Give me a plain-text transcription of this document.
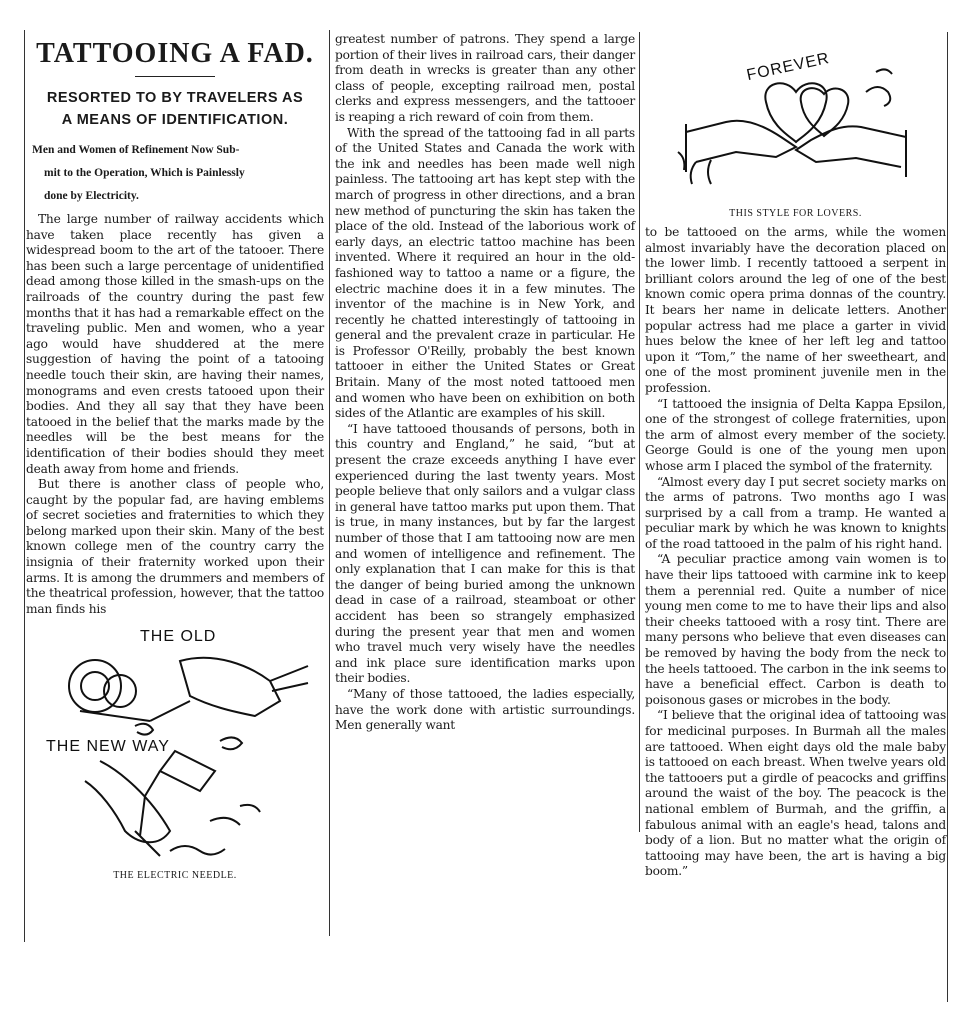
TATTOOING A FAD.
RESORTED TO BY TRAVELERS AS
A MEANS OF IDENTIFICATION.
Men and Women of Refinement Now Sub-
mit to the Operation, Which is Painlessly
done by Electricity.

The large number of railway accidents which have taken place recently has given a widespread boom to the art of the tatooer. There has been such a large percentage of unidentified dead among those killed in the smash-ups on the railroads of the country during the past few months that it has had a remarkable effect on the traveling public. Men and women, who a year ago would have shuddered at the mere suggestion of having the point of a tatooing needle touch their skin, are having their names, monograms and even crests tatooed upon their bodies. And they all say that they have been tatooed in the belief that the marks made by the needles will be the best means for the identification of their bodies should they meet death away from home and friends.

But there is another class of people who, caught by the popular fad, are having emblems of secret societies and fraternities to which they belong marked upon their skin. Many of the best known college men of the country carry the insignia of their fraternity worked upon their arms. It is among the drummers and members of the theatrical profession, however, that the tattoo man finds his

THE OLD
THE NEW WAY
THE ELECTRIC NEEDLE.

greatest number of patrons. They spend a large portion of their lives in railroad cars, their danger from death in wrecks is greater than any other class of people, excepting railroad men, postal clerks and express messengers, and the tattooer is reaping a rich reward of coin from them.

With the spread of the tattooing fad in all parts of the United States and Canada the work with the ink and needles has been made well nigh painless. The tattooing art has kept step with the march of progress in other directions, and a bran new method of puncturing the skin has taken the place of the old. Instead of the laborious work of early days, an electric tattoo machine has been invented. Where it required an hour in the old-fashioned way to tattoo a name or a figure, the electric machine does it in a few minutes. The inventor of the machine is in New York, and recently he chatted interestingly of tattooing in general and the prevalent craze in particular. He is Professor O'Reilly, probably the best known tattooer in either the United States or Great Britain. Many of the most noted tattooed men and women who have been on exhibition on both sides of the Atlantic are examples of his skill.

“I have tattooed thousands of persons, both in this country and England,” he said, “but at present the craze exceeds anything I have ever experienced during the last twenty years. Most people believe that only sailors and a vulgar class in general have tattoo marks put upon them. That is true, in many instances, but by far the largest number of those that I am tattooing now are men and women of intelligence and refinement. The only explanation that I can make for this is that the danger of being buried among the unknown dead in case of a railroad, steamboat or other accident has been so strangely emphasized during the present year that men and women who travel much very wisely have the needles and ink place sure identification marks upon their bodies.

“Many of those tattooed, the ladies especially, have the work done with artistic surroundings. Men generally want

FOREVER
THIS STYLE FOR LOVERS.

to be tattooed on the arms, while the women almost invariably have the decoration placed on the lower limb. I recently tattooed a serpent in brilliant colors around the leg of one of the best known comic opera prima donnas of the country. It bears her name in delicate letters. Another popular actress had me place a garter in vivid hues below the knee of her left leg and tattoo upon it “Tom,” the name of her sweetheart, and one of the most prominent juvenile men in the profession.

“I tattooed the insignia of Delta Kappa Epsilon, one of the strongest of college fraternities, upon the arm of almost every member of the society. George Gould is one of the young men upon whose arm I placed the symbol of the fraternity.

“Almost every day I put secret society marks on the arms of patrons. Two months ago I was surprised by a call from a tramp. He wanted a peculiar mark by which he was known to knights of the road tattooed in the palm of his right hand.

“A peculiar practice among vain women is to have their lips tattooed with carmine ink to keep them a perennial red. Quite a number of nice young men come to me to have their lips and also their cheeks tattooed with a rosy tint. There are many persons who believe that even diseases can be removed by having the body from the neck to the heels tattooed. The carbon in the ink seems to have a beneficial effect. Carbon is death to poisonous gases or microbes in the body.

“I believe that the original idea of tattooing was for medicinal purposes. In Burmah all the males are tattooed. When eight days old the male baby is tattooed on each breast. When twelve years old the tattooers put a girdle of peacocks and griffins around the waist of the boy. The peacock is the national emblem of Burmah, and the griffin, a fabulous animal with an eagle's head, talons and body of a lion. But no matter what the origin of tattooing may have been, the art is having a big boom.”
